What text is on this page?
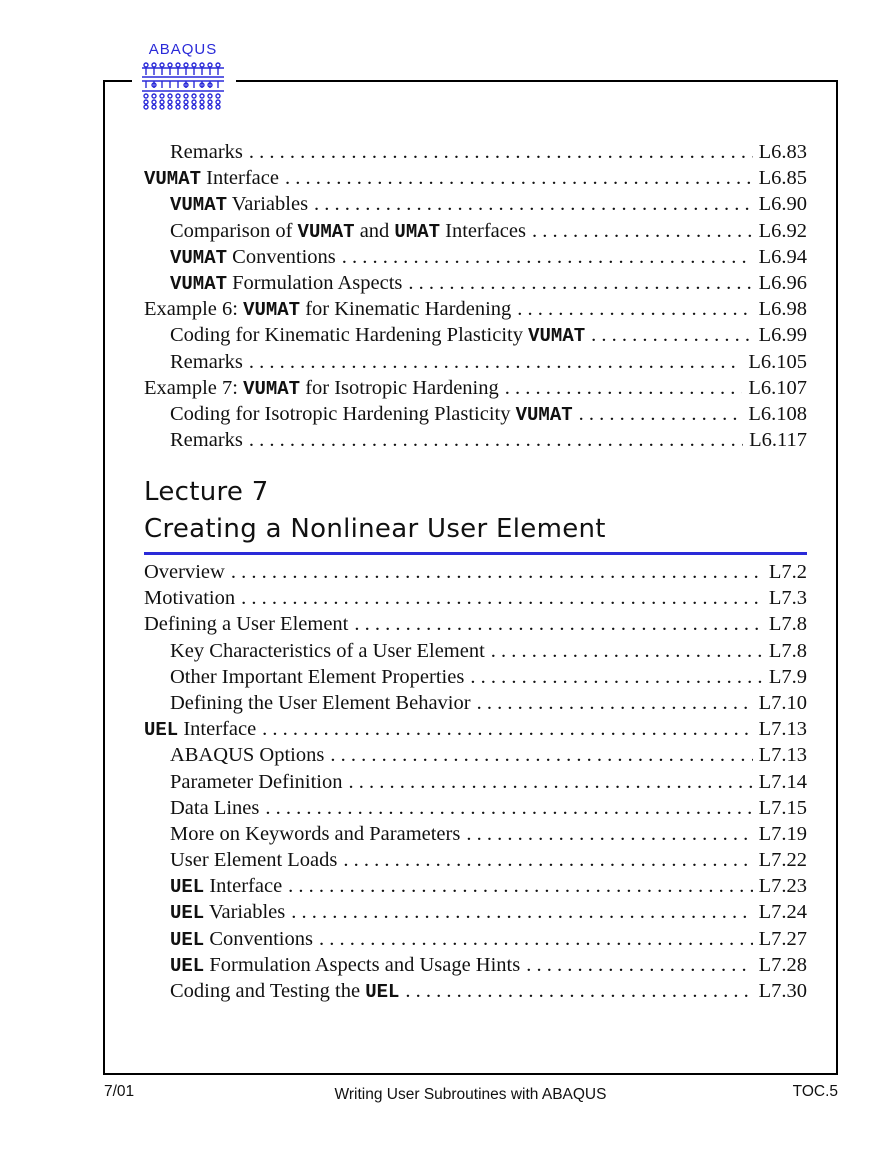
ABAQUS
Remarks . . .	L6.83
VUMAT Interface . . .	L6.85
VUMAT Variables . . .	L6.90
Comparison of VUMAT and UMAT Interfaces . . .	L6.92
VUMAT Conventions . . .	L6.94
VUMAT Formulation Aspects . . .	L6.96
Example 6: VUMAT for Kinematic Hardening . . .	L6.98
Coding for Kinematic Hardening Plasticity VUMAT . . .	L6.99
Remarks . . .	L6.105
Example 7: VUMAT for Isotropic Hardening . . .	L6.107
Coding for Isotropic Hardening Plasticity VUMAT . . .	L6.108
Remarks . . .	L6.117
Lecture 7
Creating a Nonlinear User Element
Overview . . .	L7.2
Motivation . . .	L7.3
Defining a User Element . . .	L7.8
Key Characteristics of a User Element . . .	L7.8
Other Important Element Properties . . .	L7.9
Defining the User Element Behavior . . .	L7.10
UEL Interface . . .	L7.13
ABAQUS Options . . .	L7.13
Parameter Definition . . .	L7.14
Data Lines . . .	L7.15
More on Keywords and Parameters . . .	L7.19
User Element Loads . . .	L7.22
UEL Interface . . .	L7.23
UEL Variables . . .	L7.24
UEL Conventions . . .	L7.27
UEL Formulation Aspects and Usage Hints . . .	L7.28
Coding and Testing the UEL . . .	L7.30
7/01	Writing User Subroutines with ABAQUS	TOC.5
